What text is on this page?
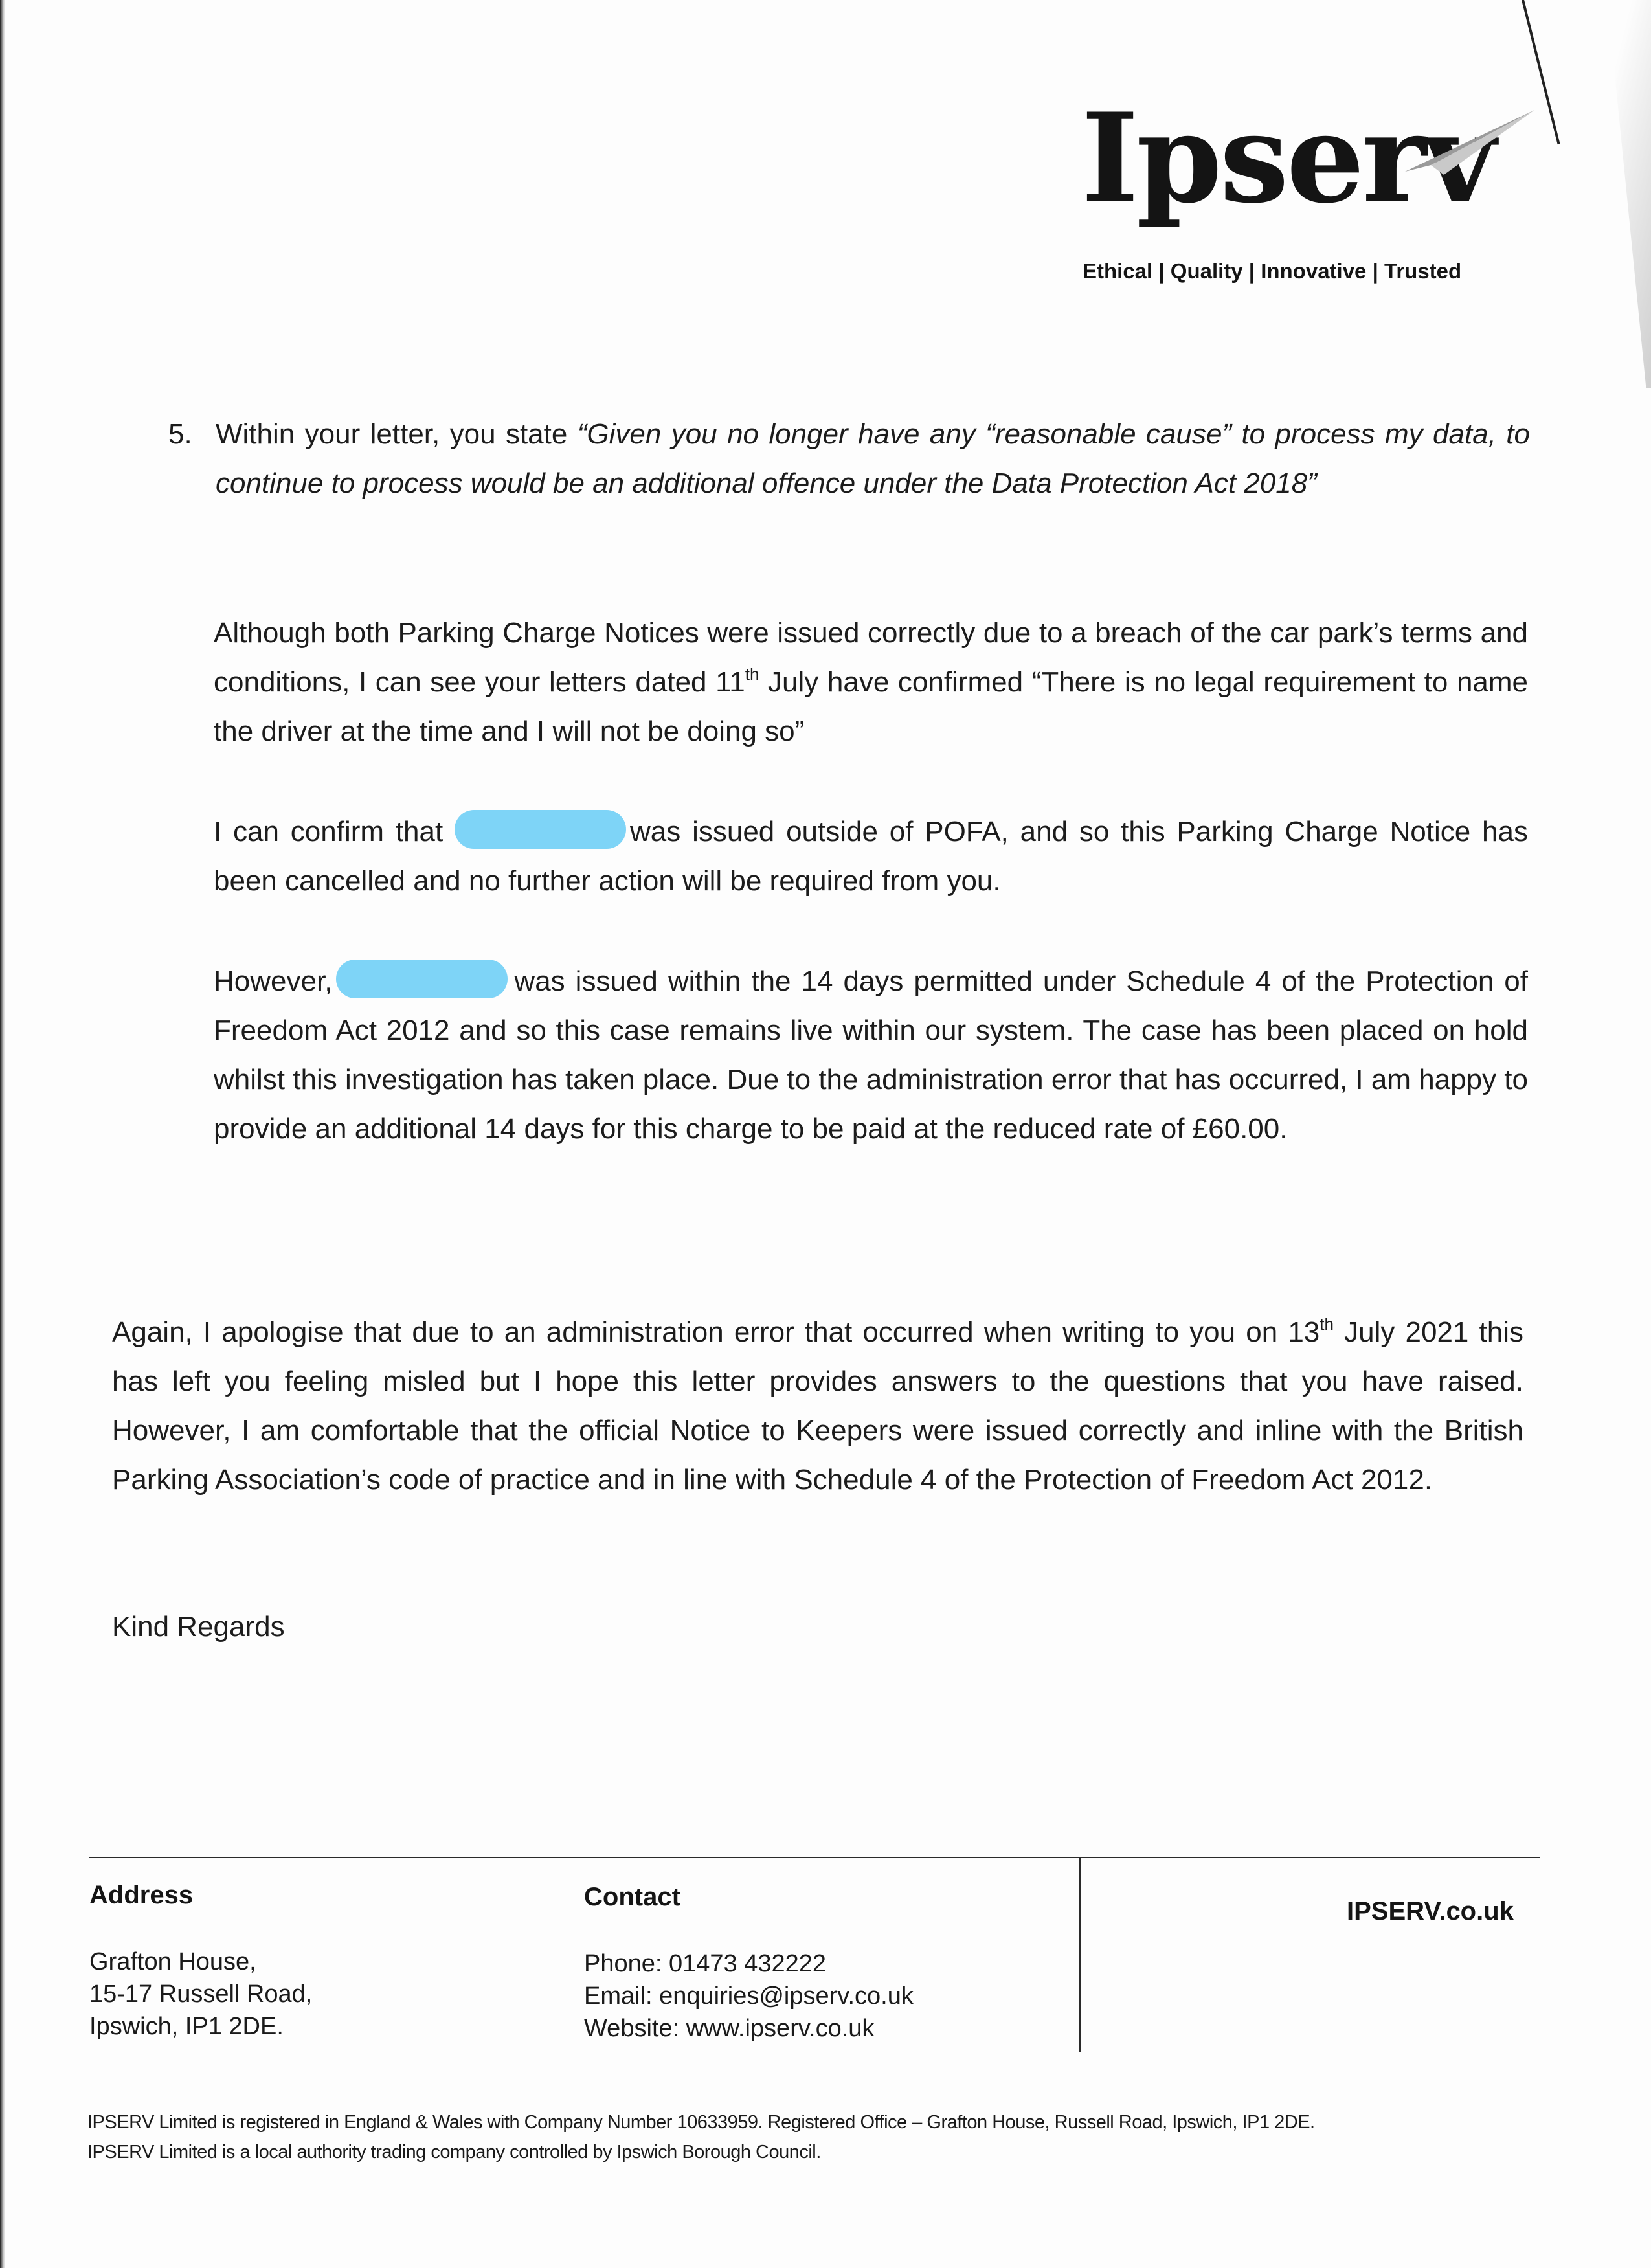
Ipserv
Ethical | Quality | Innovative | Trusted
5. Within your letter, you state “Given you no longer have any “reasonable cause” to process my data, to continue to process would be an additional offence under the Data Protection Act 2018”

Although both Parking Charge Notices were issued correctly due to a breach of the car park’s terms and conditions, I can see your letters dated 11th July have confirmed “There is no legal requirement to name the driver at the time and I will not be doing so”

I can confirm that	was issued outside of POFA, and so this Parking Charge Notice has been cancelled and no further action will be required from you.

However,	was issued within the 14 days permitted under Schedule 4 of the Protection of Freedom Act 2012 and so this case remains live within our system. The case has been placed on hold whilst this investigation has taken place. Due to the administration error that has occurred, I am happy to provide an additional 14 days for this charge to be paid at the reduced rate of £60.00.

Again, I apologise that due to an administration error that occurred when writing to you on 13th July 2021 this has left you feeling misled but I hope this letter provides answers to the questions that you have raised. However, I am comfortable that the official Notice to Keepers were issued correctly and inline with the British Parking Association’s code of practice and in line with Schedule 4 of the Protection of Freedom Act 2012.

Kind Regards
Address
Grafton House,
15-17 Russell Road,
Ipswich, IP1 2DE.
Contact
Phone: 01473 432222
Email: enquiries@ipserv.co.uk
Website: www.ipserv.co.uk
IPSERV.co.uk
IPSERV Limited is registered in England & Wales with Company Number 10633959. Registered Office – Grafton House, Russell Road, Ipswich, IP1 2DE.
IPSERV Limited is a local authority trading company controlled by Ipswich Borough Council.
